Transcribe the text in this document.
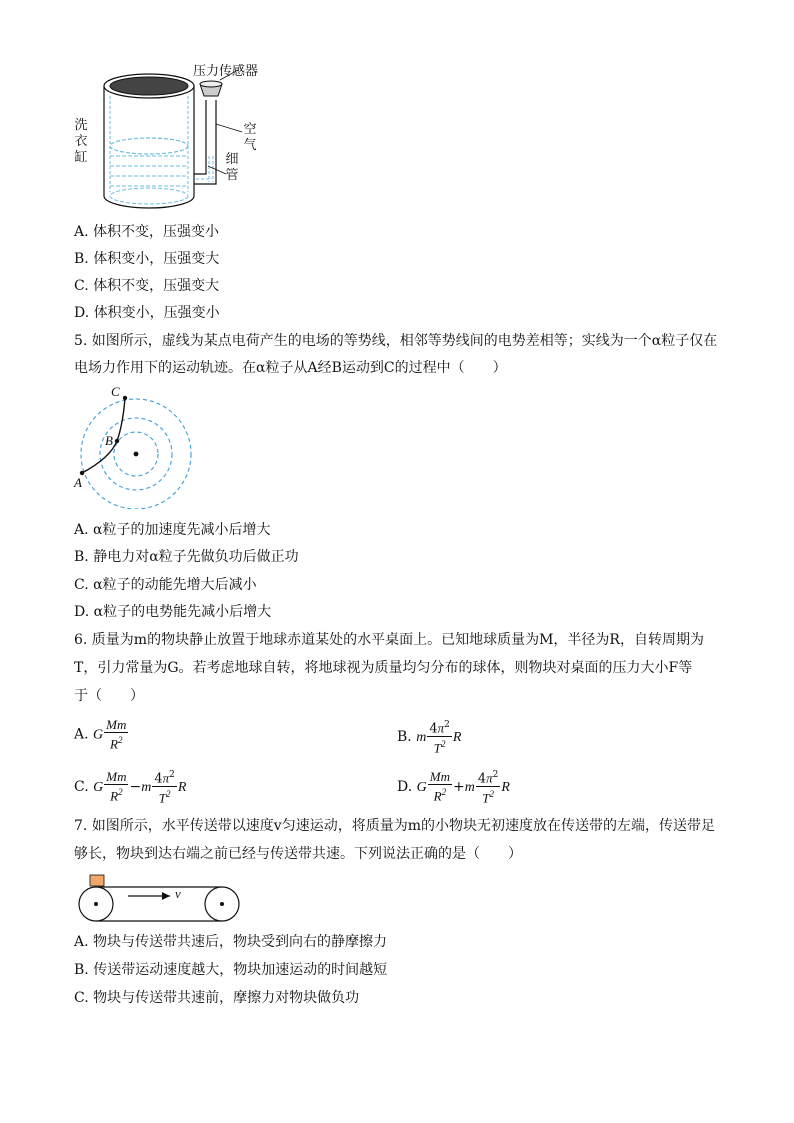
压力传感器
洗衣缸
空气
细管
A. 体积不变，压强变小
B. 体积变小，压强变大
C. 体积不变，压强变大
D. 体积变小，压强变小
5. 如图所示，虚线为某点电荷产生的电场的等势线，相邻等势线间的电势差相等；实线为一个α粒子仅在
电场力作用下的运动轨迹。在α粒子从A经B运动到C的过程中（　　）
A
B
C
A. α粒子的加速度先减小后增大
B. 静电力对α粒子先做负功后做正功
C. α粒子的动能先增大后减小
D. α粒子的电势能先减小后增大
6. 质量为m的物块静止放置于地球赤道某处的水平桌面上。已知地球质量为M，半径为R，自转周期为
T，引力常量为G。若考虑地球自转，将地球视为质量均匀分布的球体，则物块对桌面的压力大小F等
于（　　）
A. G $\frac{Mm}{R^2}$	B. m $\frac{4\pi^2}{T^2}$ R
C. G $\frac{Mm}{R^2} -m \frac{4\pi^2}{T^2}$ R	D. G $\frac{Mm}{R^2} +m \frac{4\pi^2}{T^2}$ R
7. 如图所示，水平传送带以速度v匀速运动，将质量为m的小物块无初速度放在传送带的左端，传送带足
够长，物块到达右端之前已经与传送带共速。下列说法正确的是（　　）
v
A. 物块与传送带共速后，物块受到向右的静摩擦力
B. 传送带运动速度越大，物块加速运动的时间越短
C. 物块与传送带共速前，摩擦力对物块做负功
